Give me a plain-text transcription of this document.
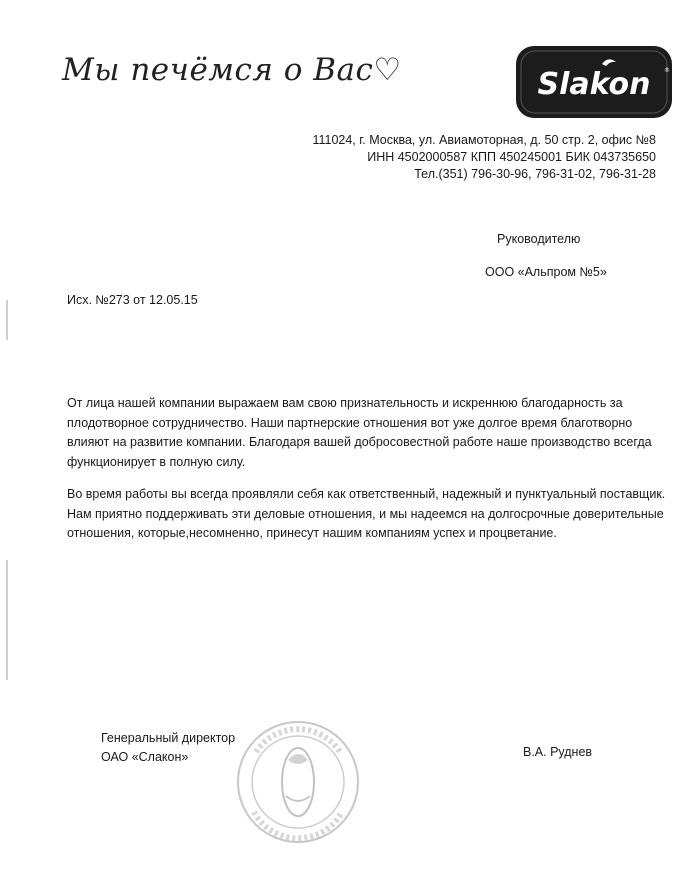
Мы печёмся о Вас♡	Slakon ®
111024, г. Москва, ул. Авиамоторная, д. 50 стр. 2, офис №8
ИНН 4502000587 КПП 450245001 БИК 043735650
Тел.(351) 796-30-96, 796-31-02, 796-31-28
Руководителю
ООО «Альпром №5»
Исх. №273 от 12.05.15
От лица нашей компании выражаем вам свою признательность и искреннюю благодарность за плодотворное сотрудничество. Наши партнерские отношения вот уже долгое время благотворно влияют на развитие компании. Благодаря вашей добросовестной работе наше производство всегда функционирует в полную силу.
Во время работы вы всегда проявляли себя как ответственный, надежный и пунктуальный поставщик. Нам приятно поддерживать эти деловые отношения, и мы надеемся на долгосрочные доверительные отношения, которые,несомненно, принесут нашим компаниям успех и процветание.
Генеральный директор
ОАО «Слакон»	В.А. Руднев
